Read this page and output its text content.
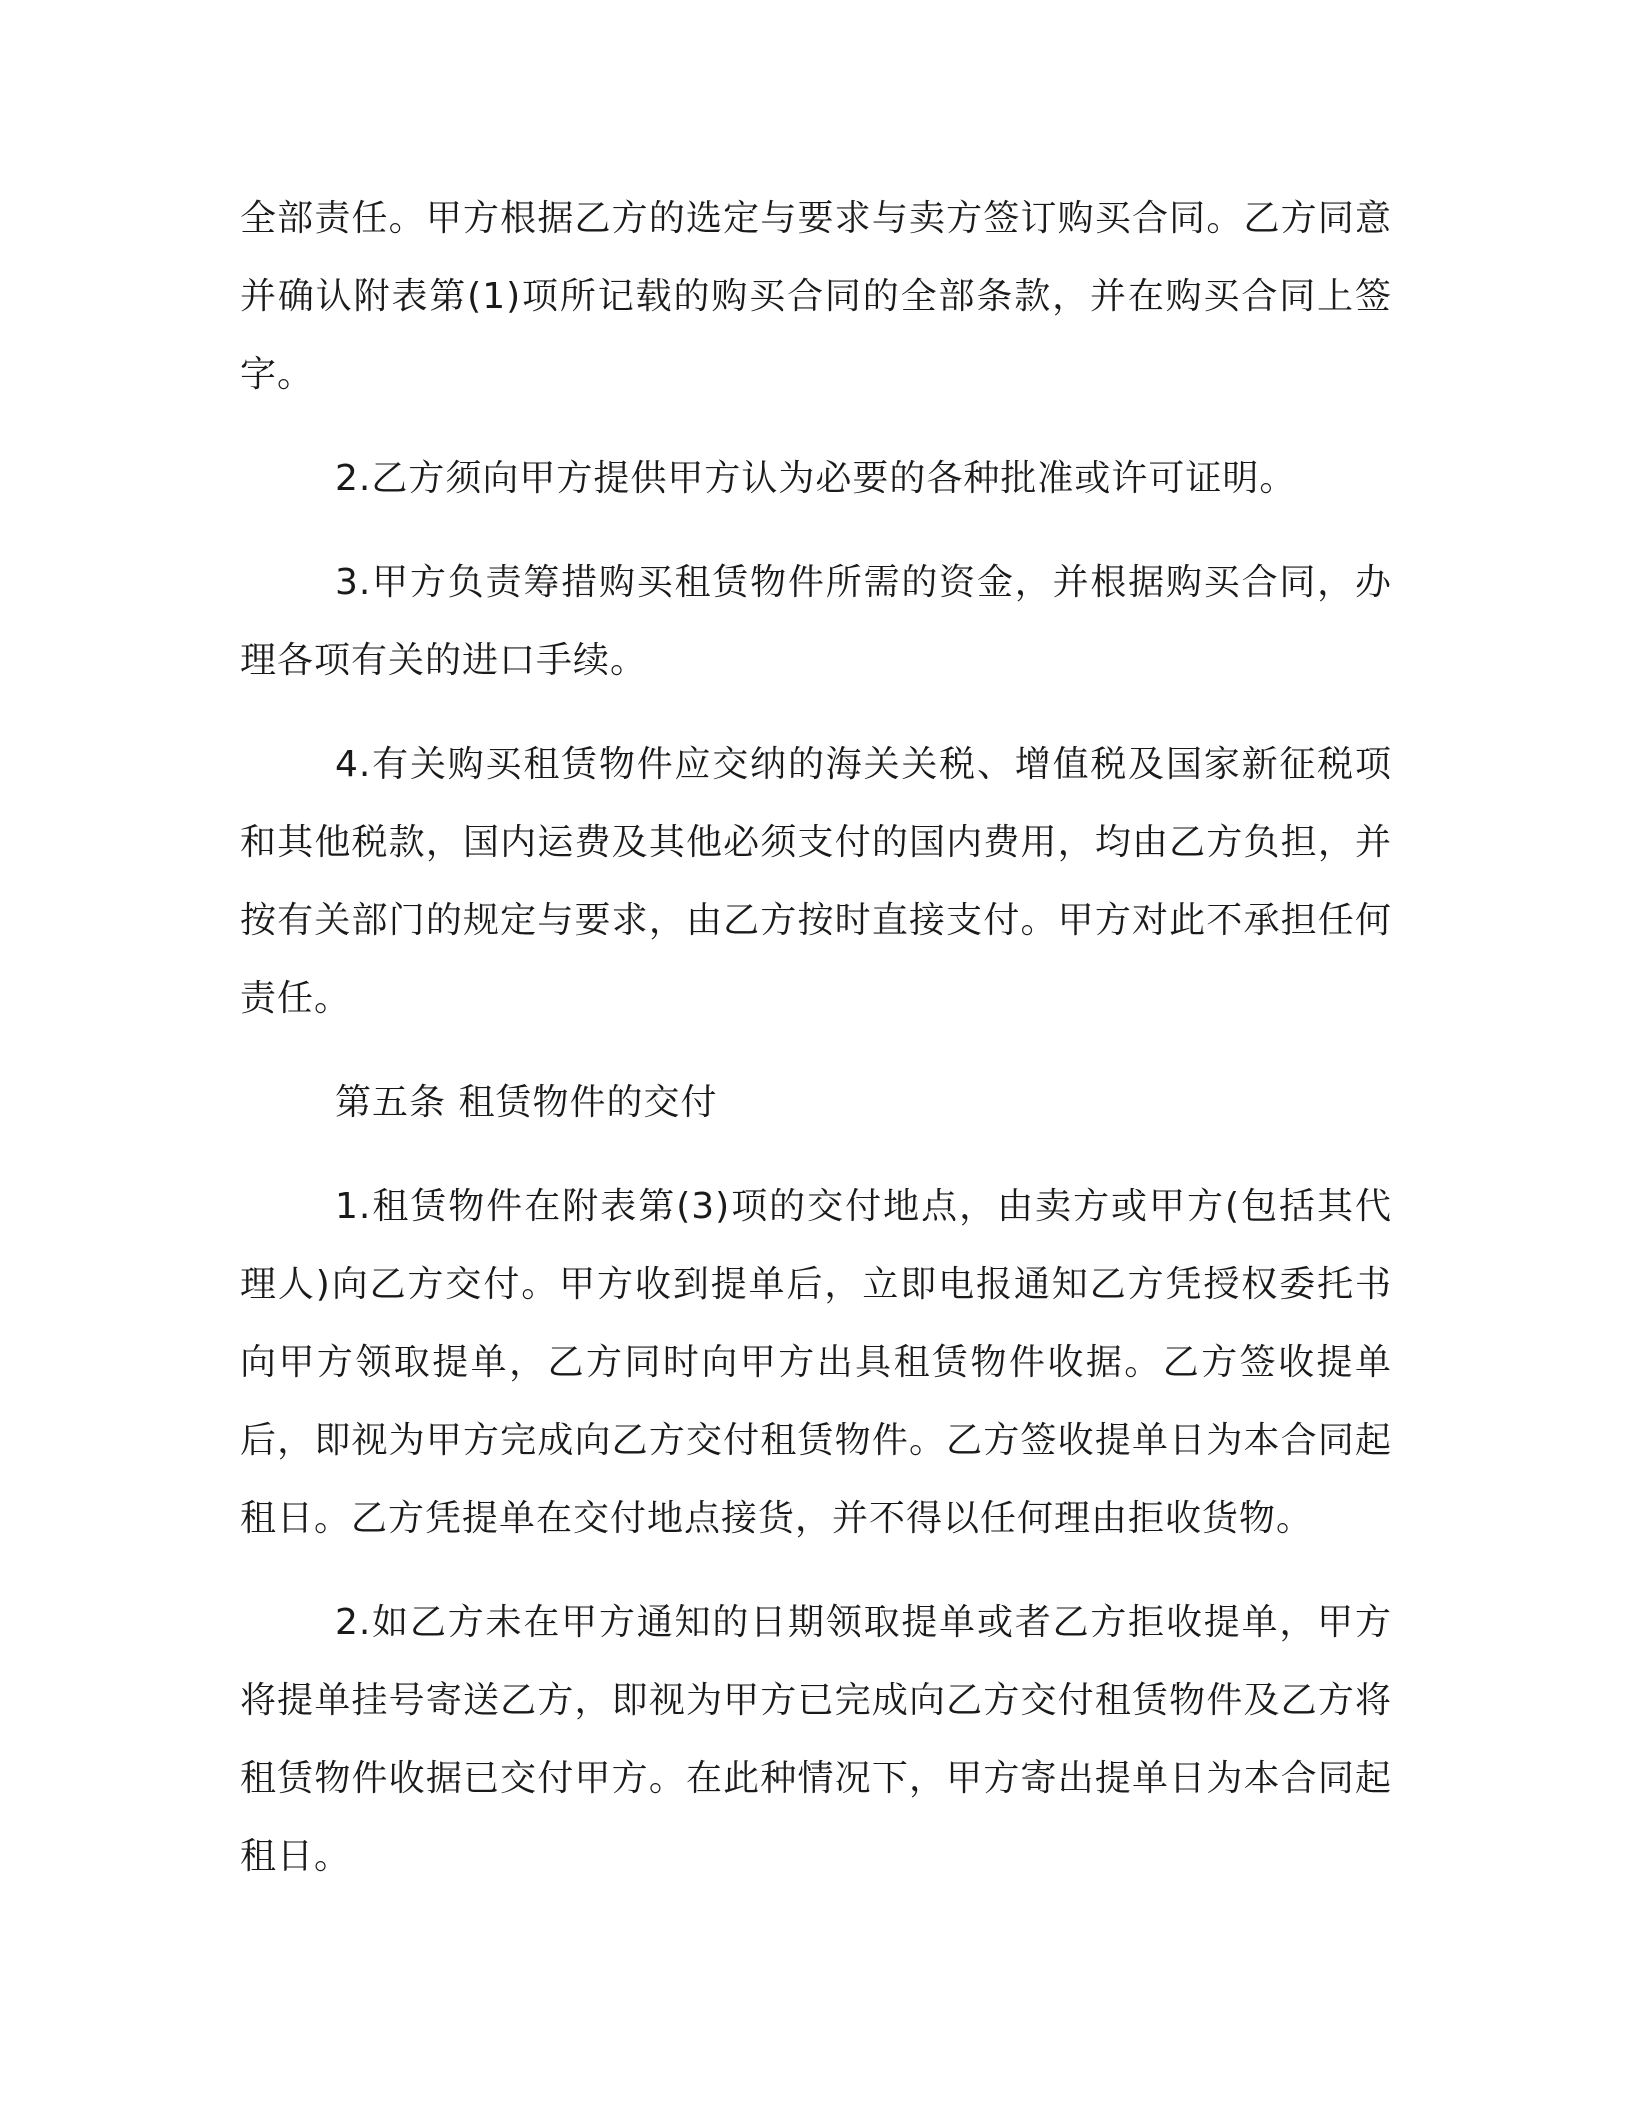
全部责任。甲方根据乙方的选定与要求与卖方签订购买合同。乙方同意并确认附表第(1)项所记载的购买合同的全部条款，并在购买合同上签字。

2.乙方须向甲方提供甲方认为必要的各种批准或许可证明。

3.甲方负责筹措购买租赁物件所需的资金，并根据购买合同，办理各项有关的进口手续。

4.有关购买租赁物件应交纳的海关关税、增值税及国家新征税项和其他税款，国内运费及其他必须支付的国内费用，均由乙方负担，并按有关部门的规定与要求，由乙方按时直接支付。甲方对此不承担任何责任。

第五条 租赁物件的交付

1.租赁物件在附表第(3)项的交付地点，由卖方或甲方(包括其代理人)向乙方交付。甲方收到提单后，立即电报通知乙方凭授权委托书向甲方领取提单，乙方同时向甲方出具租赁物件收据。乙方签收提单后，即视为甲方完成向乙方交付租赁物件。乙方签收提单日为本合同起租日。乙方凭提单在交付地点接货，并不得以任何理由拒收货物。

2.如乙方未在甲方通知的日期领取提单或者乙方拒收提单，甲方将提单挂号寄送乙方，即视为甲方已完成向乙方交付租赁物件及乙方将租赁物件收据已交付甲方。在此种情况下，甲方寄出提单日为本合同起租日。
